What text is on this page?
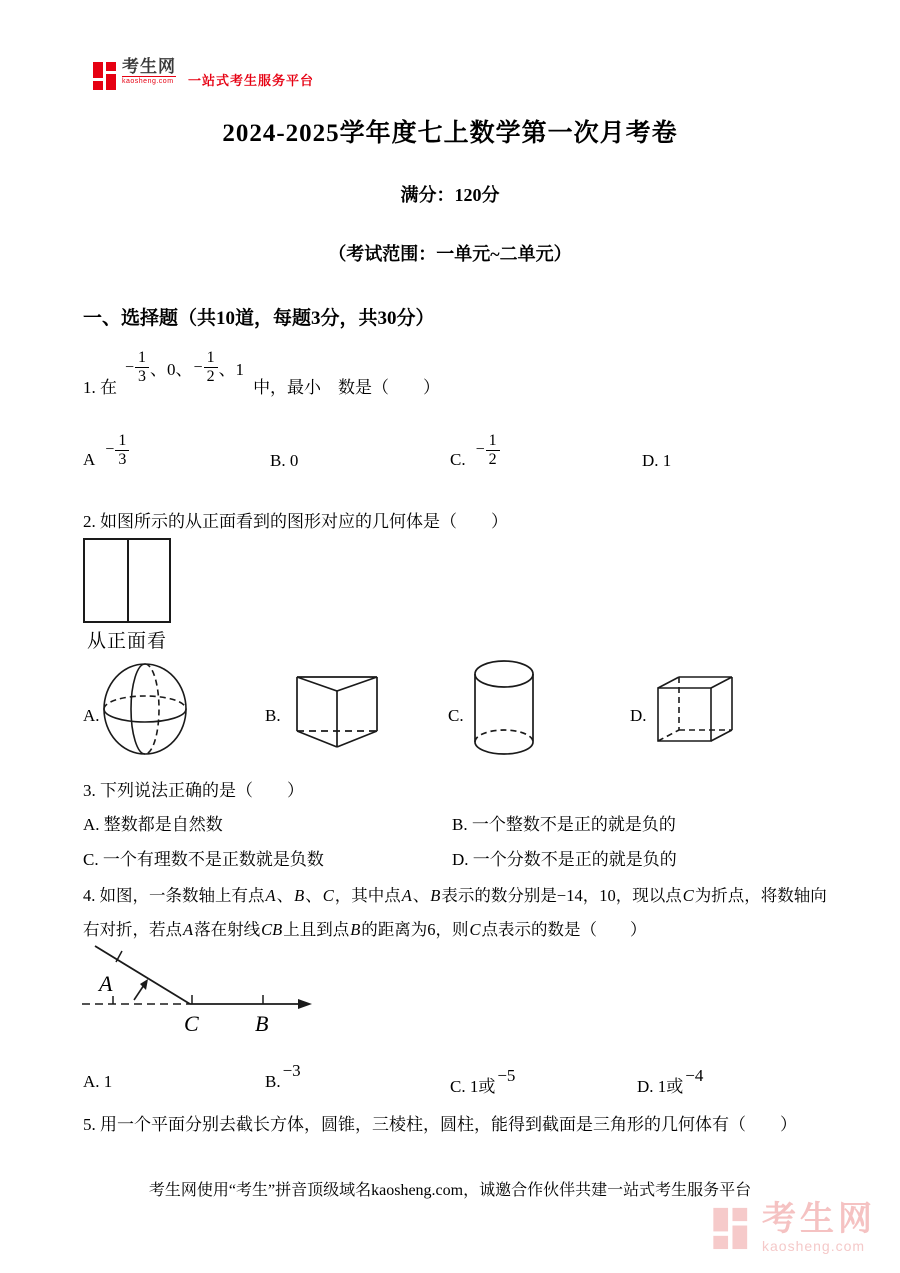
考生网
kaosheng.com 一站式考生服务平台
2024-2025学年度七上数学第一次月考卷
满分：120分
（考试范围：一单元~二单元）
一、选择题（共10道，每题3分，共30分）
1. 在
− $\frac{1}{3}$ 、0、 − $\frac{1}{2}$ 、1
中，最小　数是（　　）
A
− $\frac{1}{3}$	B. 0	C.
− $\frac{1}{2}$	D. 1
2. 如图所示的从正面看到的图形对应的几何体是（　　）
从正面看
A.	B.	C.	D.
3. 下列说法正确的是（　　）
A. 整数都是自然数	B. 一个整数不是正的就是负的
C. 一个有理数不是正数就是负数	D. 一个分数不是正的就是负的
4. 如图，一条数轴上有点A、B、C，其中点A、B表示的数分别是−14，10，现以点C为折点，将数轴向
右对折，若点A落在射线CB上且到点B的距离为6，则C点表示的数是（　　）
A
C	B
A. 1	B.−3
C. 1或−5
D. 1或−4
5. 用一个平面分别去截长方体，圆锥，三棱柱，圆柱，能得到截面是三角形的几何体有（　　）
考生网使用“考生”拼音顶级域名kaosheng.com，诚邀合作伙伴共建一站式考生服务平台
考生网
kaosheng.com
